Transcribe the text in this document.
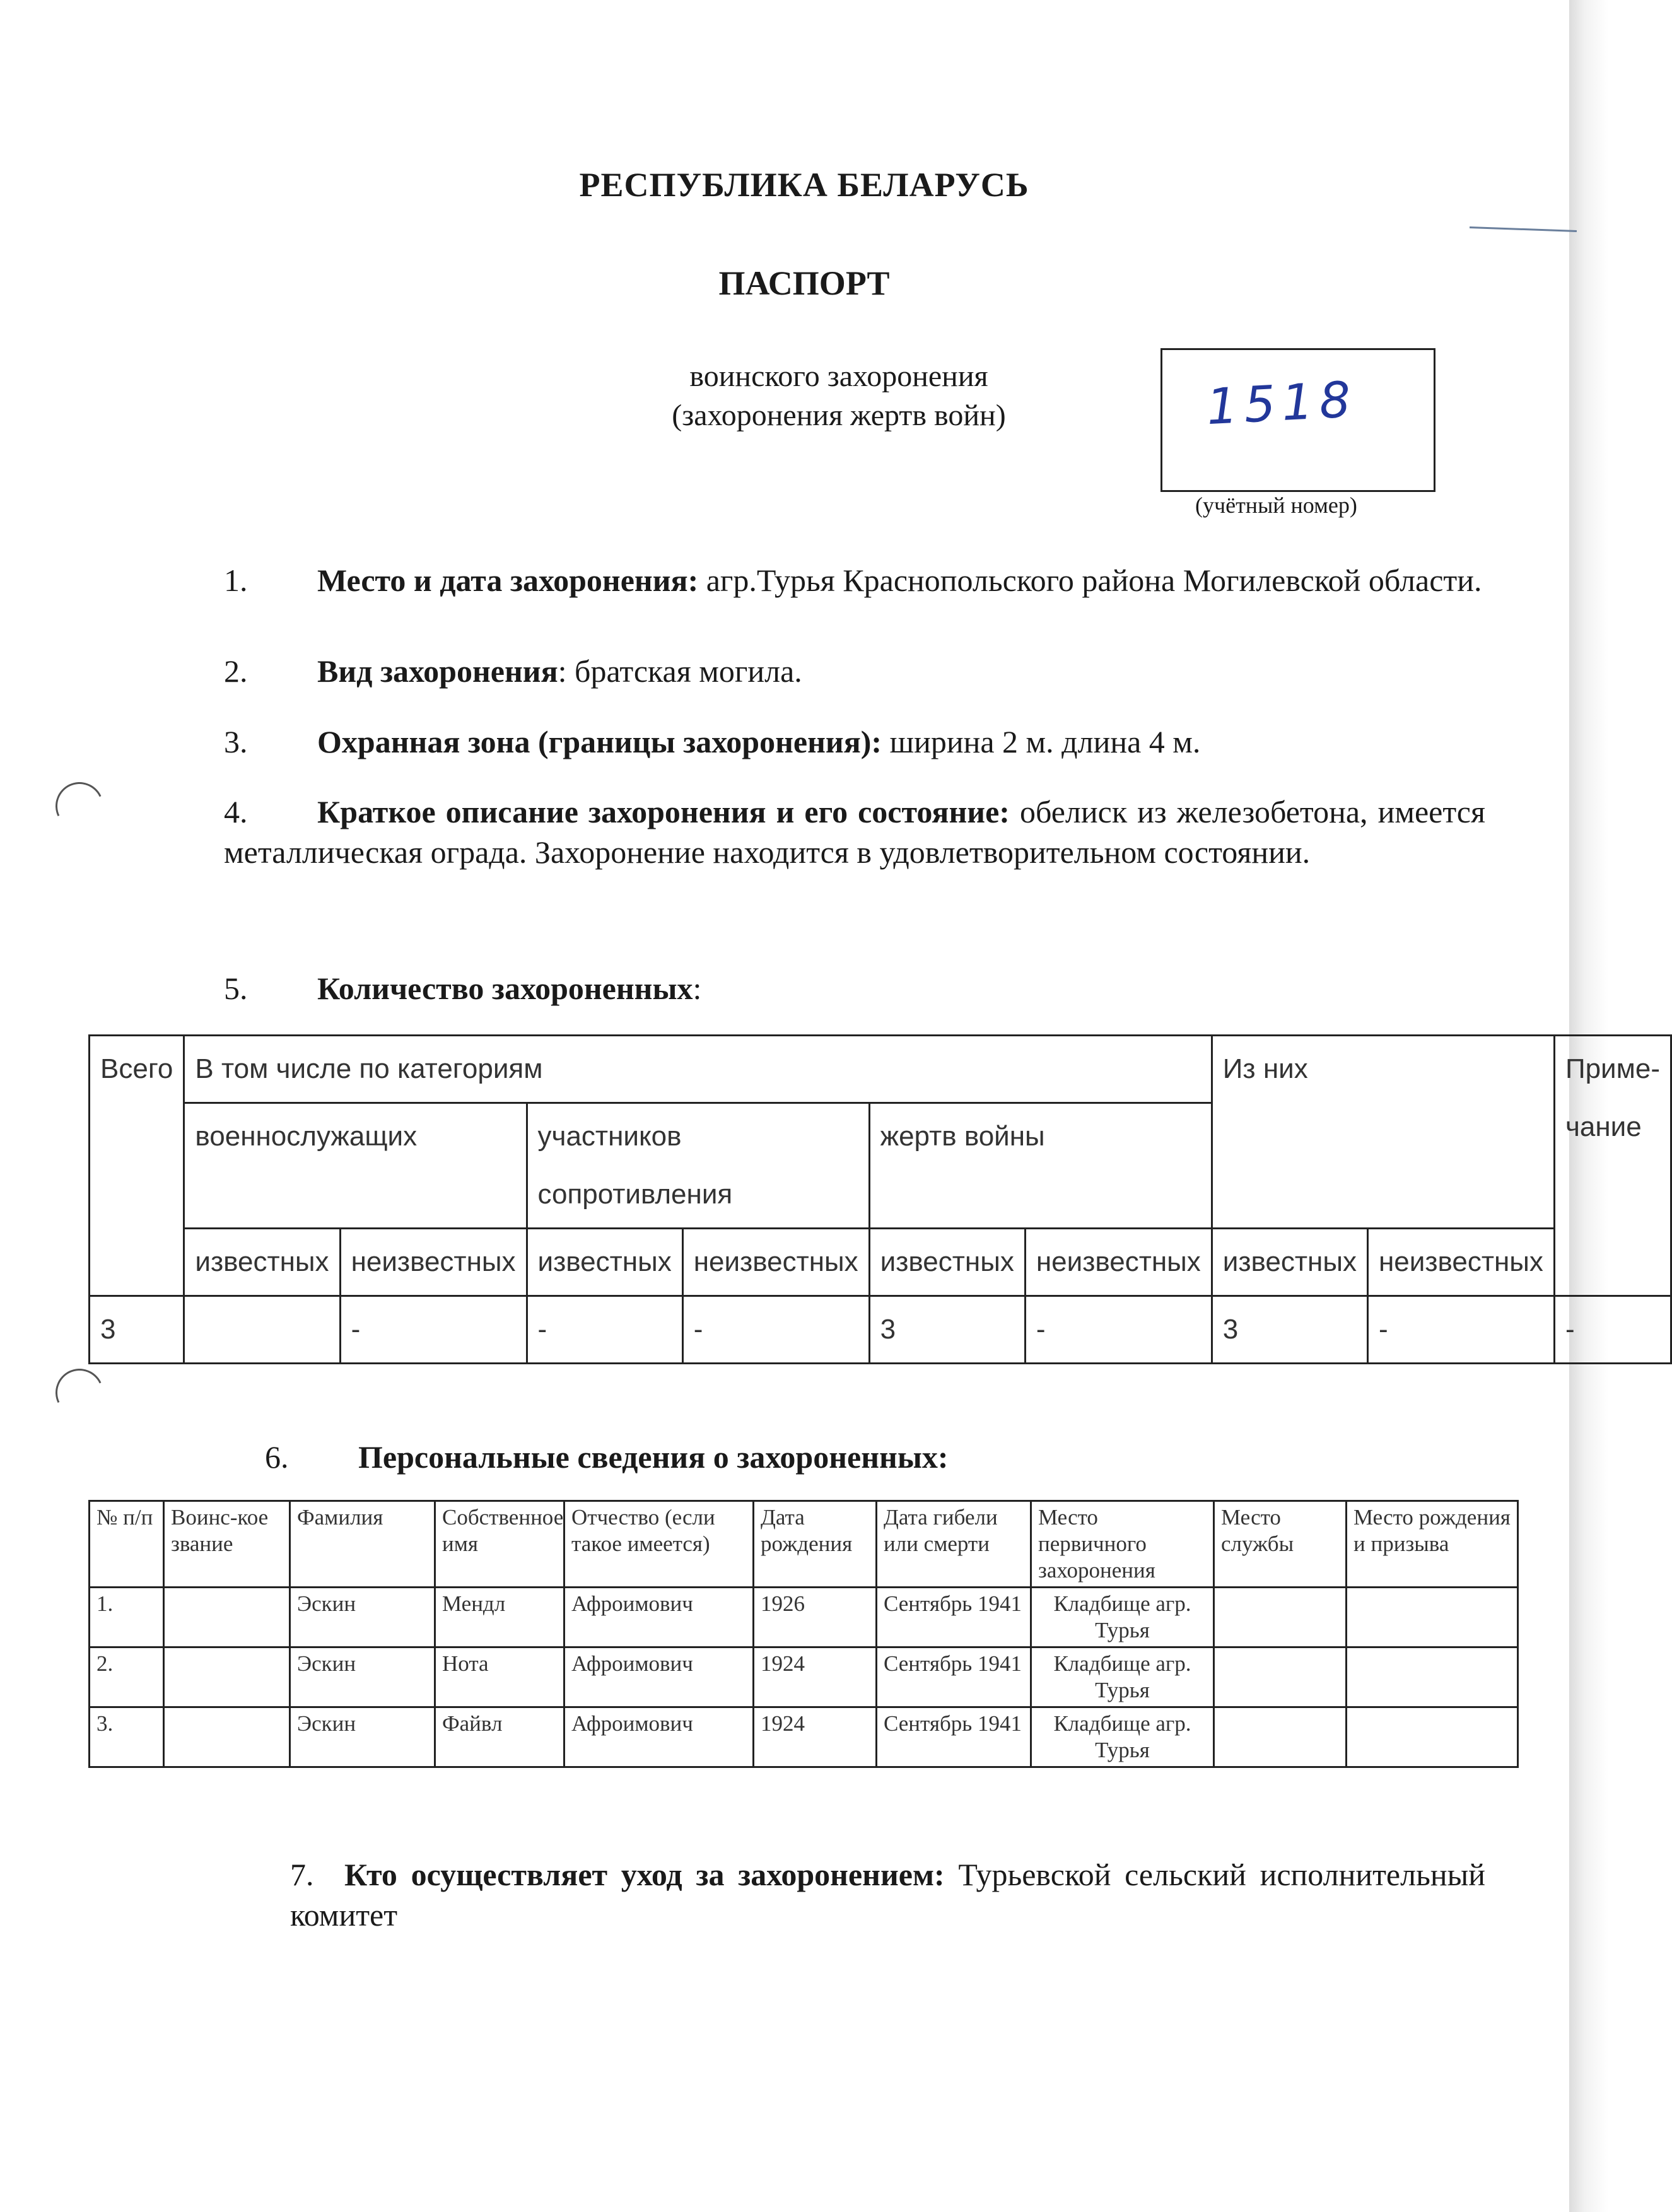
РЕСПУБЛИКА БЕЛАРУСЬ
ПАСПОРТ
воинского захоронения
(захоронения жертв войн)	1518
(учётный номер)
1. Место и дата захоронения: агр.Турья Краснопольского района Могилевской области.
2. Вид захоронения: братская могила.
3. Охранная зона (границы захоронения): ширина 2 м. длина 4 м.
4. Краткое описание захоронения и его состояние: обелиск из железобетона, имеется металлическая ограда. Захоронение находится в удовлетворительном состоянии.
5. Количество захороненных:
Всего	В том числе по категориям						Из них		Приме-чание
	военнослужащих		участников сопротивления		жертв войны				
	известных	неизвестных	известных	неизвестных	известных	неизвестных	известных	неизвестных	
3		-	-	-	3	-	3	-	-
6. Персональные сведения о захороненных:
№ п/п	Воинс-кое звание	Фамилия	Собственное имя	Отчество (если такое имеется)	Дата рождения	Дата гибели или смерти	Место первичного захоронения	Место службы	Место рождения и призыва
1.		Эскин	Мендл	Афроимович	1926	Сентябрь 1941	Кладбище агр. Турья		
2.		Эскин	Нота	Афроимович	1924	Сентябрь 1941	Кладбище агр. Турья		
3.		Эскин	Файвл	Афроимович	1924	Сентябрь 1941	Кладбище агр. Турья		
7. Кто осуществляет уход за захоронением: Турьевской сельский исполнительный комитет
